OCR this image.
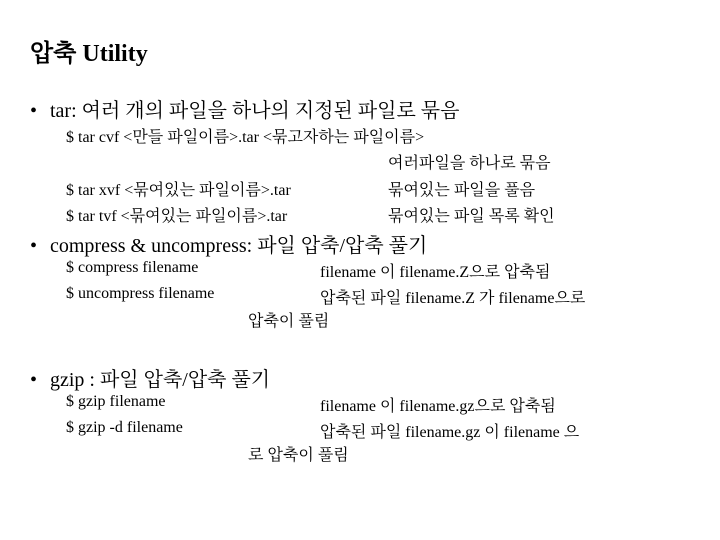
압축 Utility
• tar: 여러 개의 파일을 하나의 지정된 파일로 묶음
$ tar cvf <만들 파일이름>.tar <묶고자하는 파일이름>
여러파일을 하나로 묶음
$ tar xvf <묶여있는 파일이름>.tar	묶여있는 파일을 풀음
$ tar tvf <묶여있는 파일이름>.tar	묶여있는 파일 목록 확인
• compress & uncompress: 파일 압축/압축 풀기
$ compress filename	filename 이 filename.Z으로 압축됨
$ uncompress filename	압축된 파일 filename.Z 가 filename으로
압축이 풀림
• gzip : 파일 압축/압축 풀기
$ gzip filename	filename 이 filename.gz으로 압축됨
$ gzip -d filename	압축된 파일 filename.gz 이 filename 으
로 압축이 풀림
